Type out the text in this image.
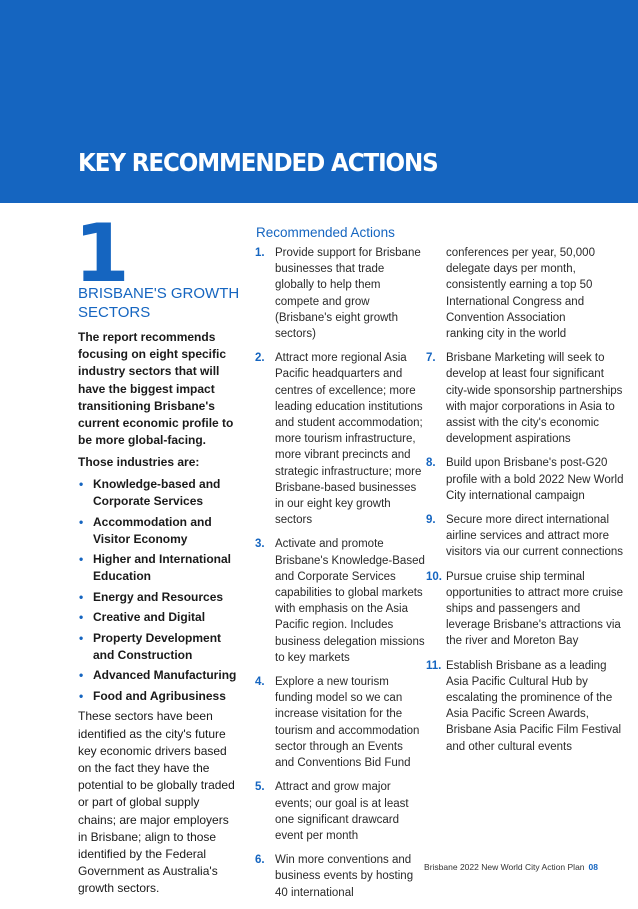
KEY RECOMMENDED ACTIONS
1
BRISBANE'S GROWTH SECTORS
The report recommends focusing on eight specific industry sectors that will have the biggest impact transitioning Brisbane's current economic profile to be more global-facing.
Those industries are:
• Knowledge-based and Corporate Services
• Accommodation and Visitor Economy
• Higher and International Education
• Energy and Resources
• Creative and Digital
• Property Development and Construction
• Advanced Manufacturing
• Food and Agribusiness
These sectors have been identified as the city's future key economic drivers based on the fact they have the potential to be globally traded or part of global supply chains; are major employers in Brisbane; align to those identified by the Federal Government as Australia's growth sectors.
Recommended Actions
1. Provide support for Brisbane businesses that trade globally to help them compete and grow (Brisbane's eight growth sectors)
2. Attract more regional Asia Pacific headquarters and centres of excellence; more leading education institutions and student accommodation; more tourism infrastructure, more vibrant precincts and strategic infrastructure; more Brisbane-based businesses in our eight key growth sectors
3. Activate and promote Brisbane's Knowledge-Based and Corporate Services capabilities to global markets with emphasis on the Asia Pacific region. Includes business delegation missions to key markets
4. Explore a new tourism funding model so we can increase visitation for the tourism and accommodation sector through an Events and Conventions Bid Fund
5. Attract and grow major events; our goal is at least one significant drawcard event per month
6. Win more conventions and business events by hosting 40 international
conferences per year, 50,000 delegate days per month, consistently earning a top 50 International Congress and Convention Association ranking city in the world
7. Brisbane Marketing will seek to develop at least four significant city-wide sponsorship partnerships with major corporations in Asia to assist with the city's economic development aspirations
8. Build upon Brisbane's post-G20 profile with a bold 2022 New World City international campaign
9. Secure more direct international airline services and attract more visitors via our current connections
10. Pursue cruise ship terminal opportunities to attract more cruise ships and passengers and leverage Brisbane's attractions via the river and Moreton Bay
11. Establish Brisbane as a leading Asia Pacific Cultural Hub by escalating the prominence of the Asia Pacific Screen Awards, Brisbane Asia Pacific Film Festival and other cultural events
Brisbane 2022 New World City Action Plan 08
